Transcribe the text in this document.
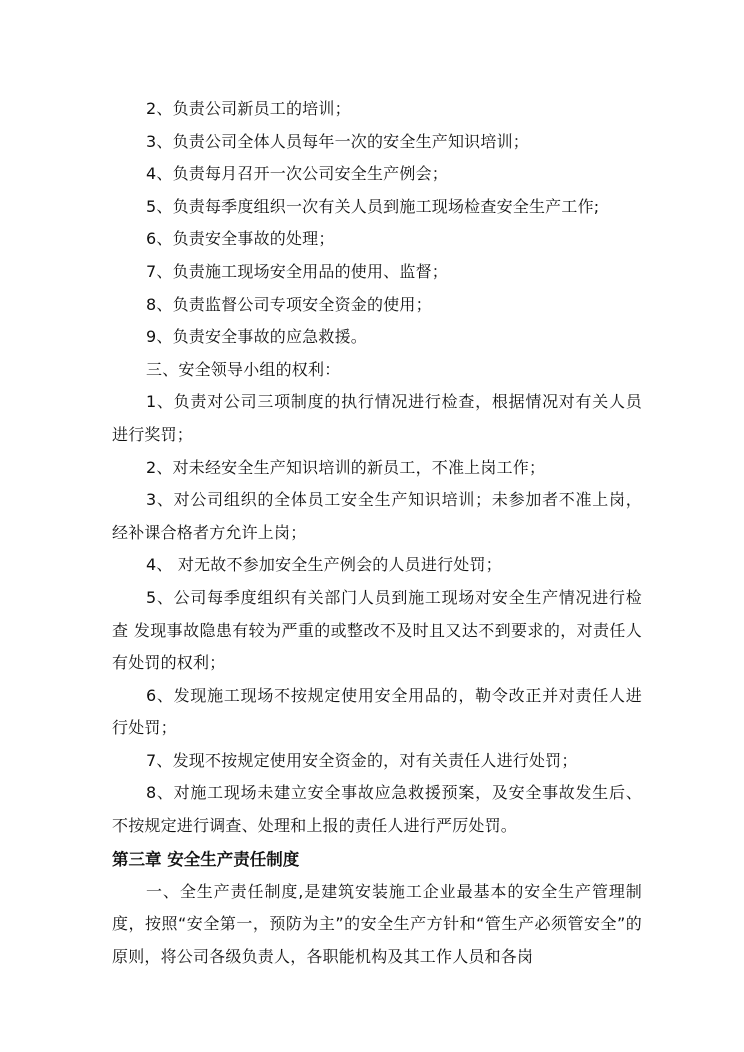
2、负责公司新员工的培训；

3、负责公司全体人员每年一次的安全生产知识培训；

4、负责每月召开一次公司安全生产例会；

5、负责每季度组织一次有关人员到施工现场检查安全生产工作;

6、负责安全事故的处理；

7、负责施工现场安全用品的使用、监督；

8、负责监督公司专项安全资金的使用；

9、负责安全事故的应急救援。

三、安全领导小组的权利：

1、负责对公司三项制度的执行情况进行检查，根据情况对有关人员进行奖罚；

2、对未经安全生产知识培训的新员工，不准上岗工作；

3、对公司组织的全体员工安全生产知识培训；未参加者不准上岗，经补课合格者方允许上岗；

4、 对无故不参加安全生产例会的人员进行处罚；

5、公司每季度组织有关部门人员到施工现场对安全生产情况进行检查 发现事故隐患有较为严重的或整改不及时且又达不到要求的，对责任人有处罚的权利；

6、发现施工现场不按规定使用安全用品的，勒令改正并对责任人进行处罚；

7、发现不按规定使用安全资金的，对有关责任人进行处罚；

8、对施工现场未建立安全事故应急救援预案，及安全事故发生后、不按规定进行调查、处理和上报的责任人进行严厉处罚。

第三章 安全生产责任制度

一、全生产责任制度,是建筑安装施工企业最基本的安全生产管理制度，按照“安全第一，预防为主”的安全生产方针和“管生产必须管安全”的原则，将公司各级负责人，各职能机构及其工作人员和各岗
